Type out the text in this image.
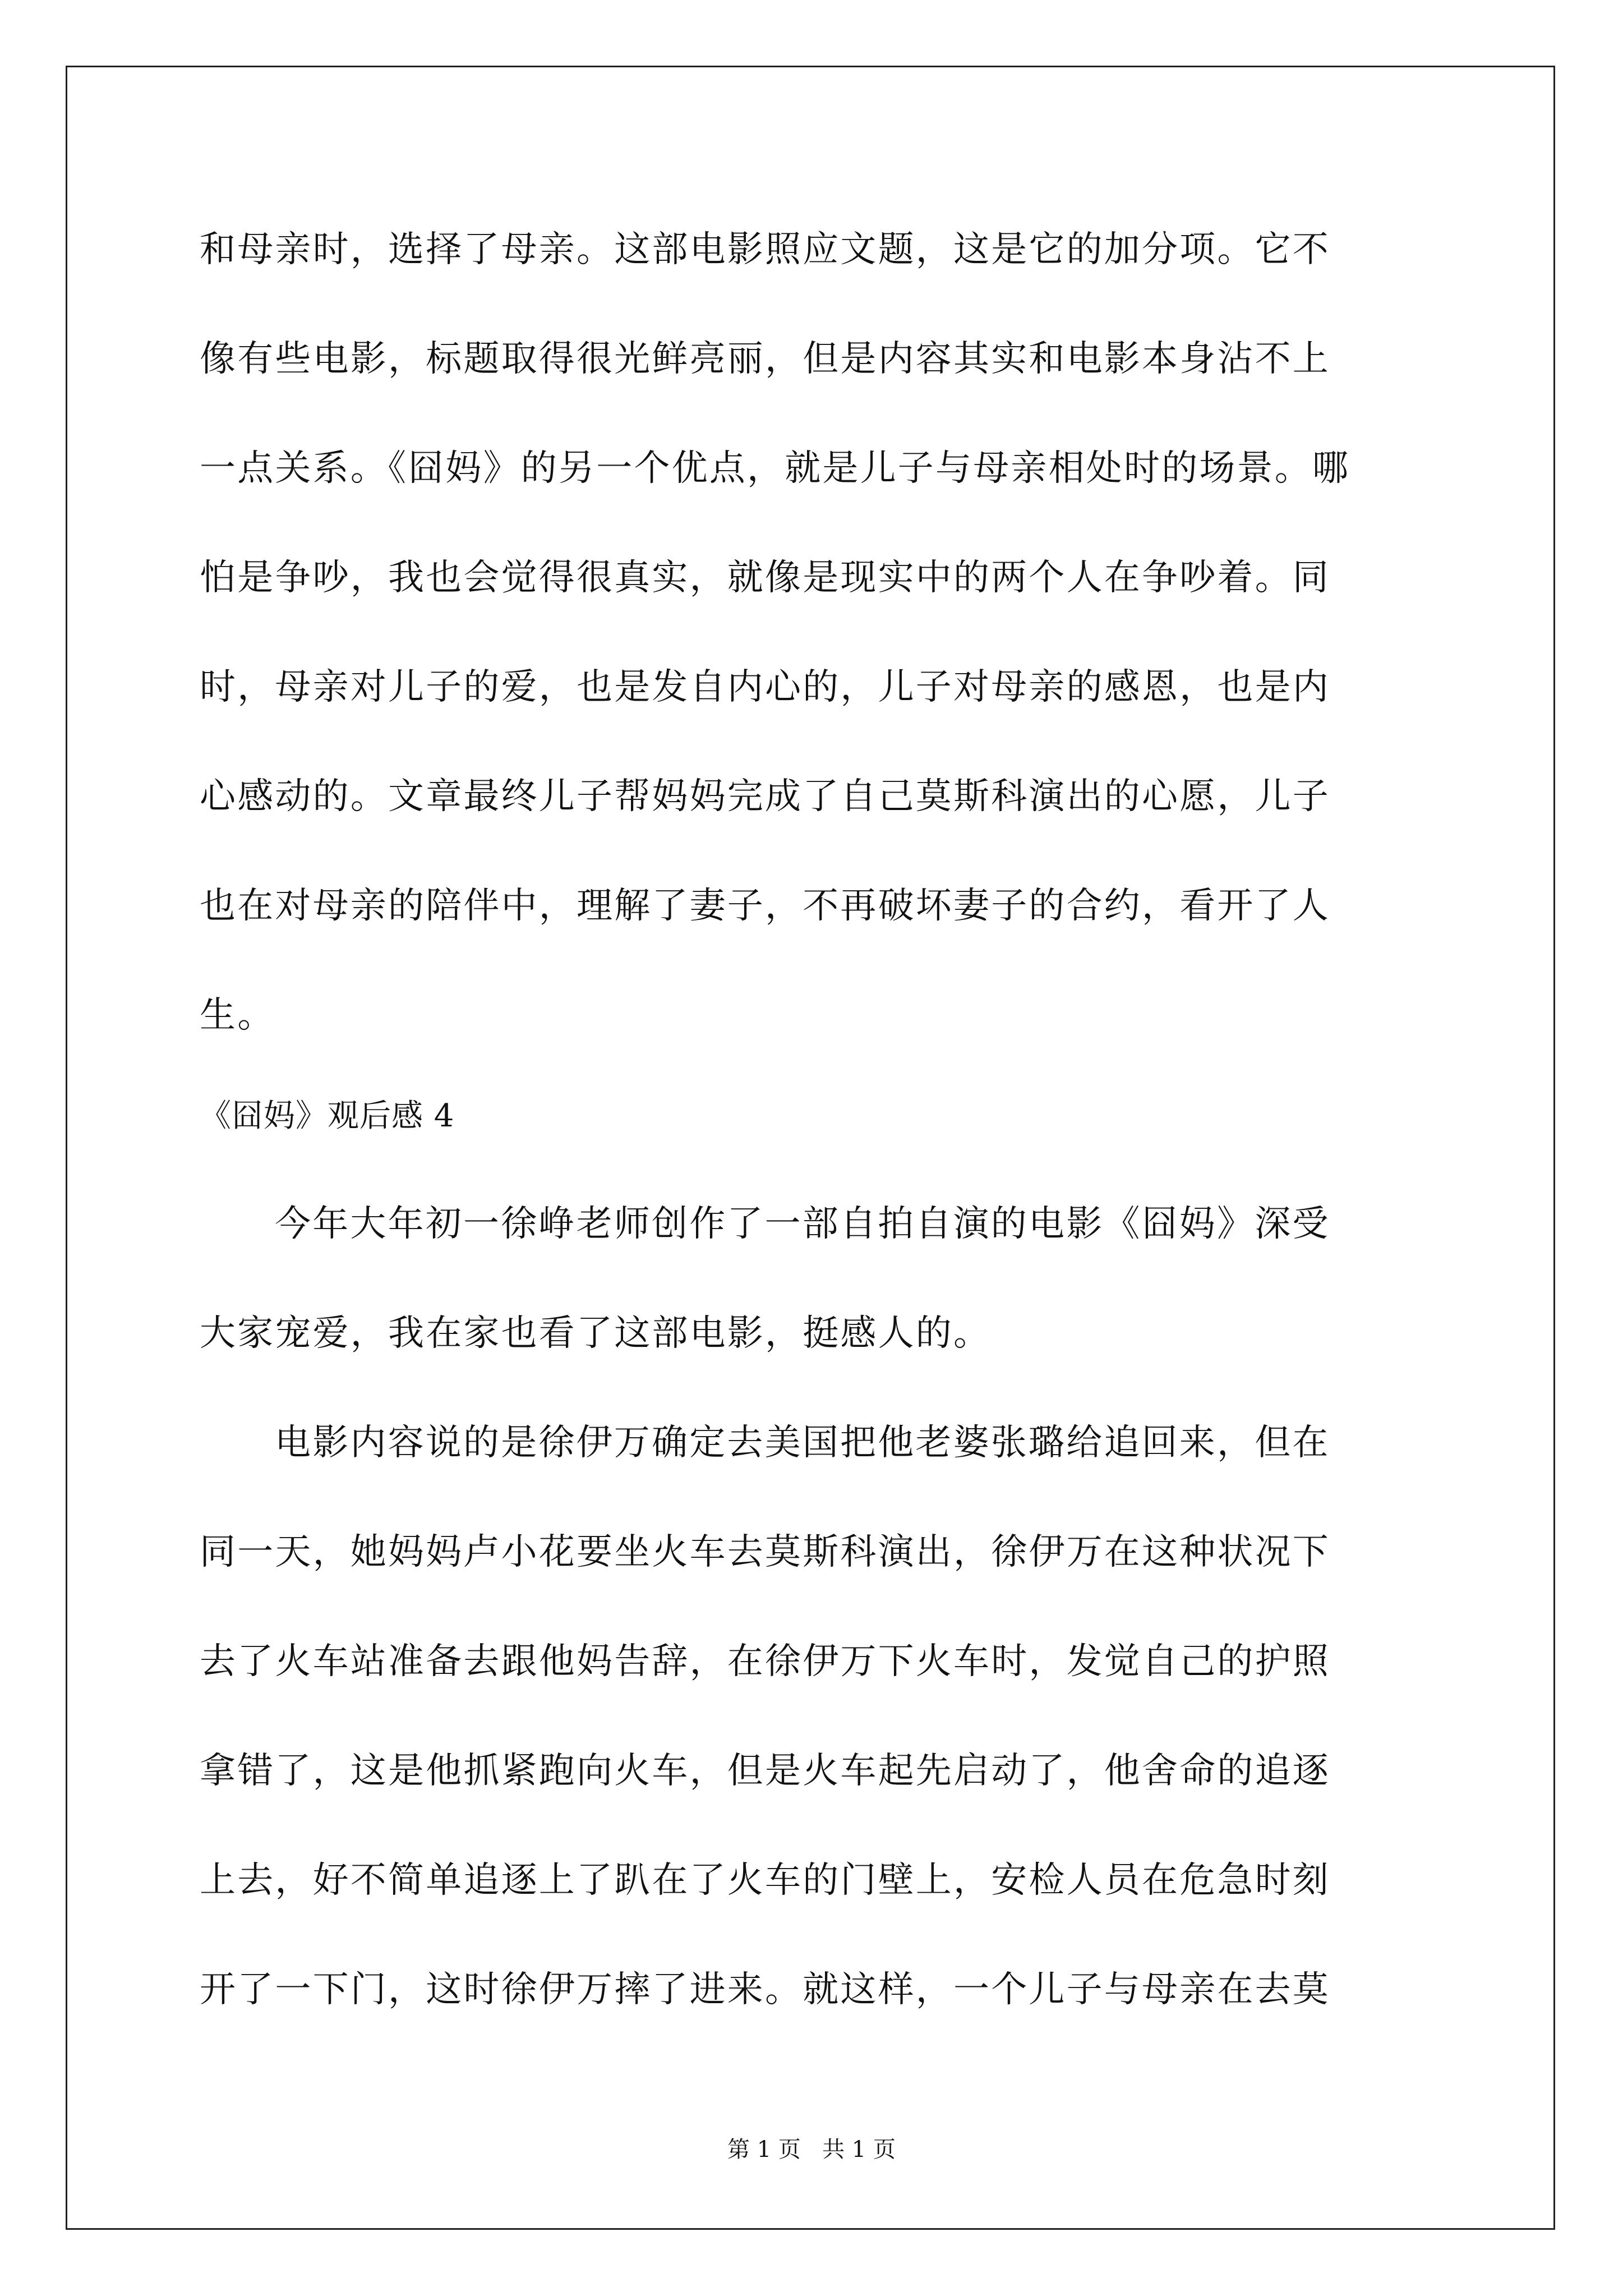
和母亲时，选择了母亲。这部电影照应文题，这是它的加分项。它不

像有些电影，标题取得很光鲜亮丽，但是内容其实和电影本身沾不上

一点关系。《囧妈》的另一个优点，就是儿子与母亲相处时的场景。哪

怕是争吵，我也会觉得很真实，就像是现实中的两个人在争吵着。同

时，母亲对儿子的爱，也是发自内心的，儿子对母亲的感恩，也是内

心感动的。文章最终儿子帮妈妈完成了自己莫斯科演出的心愿，儿子

也在对母亲的陪伴中，理解了妻子，不再破坏妻子的合约，看开了人

生。

《囧妈》观后感 4

今年大年初一徐峥老师创作了一部自拍自演的电影《囧妈》深受

大家宠爱，我在家也看了这部电影，挺感人的。

电影内容说的是徐伊万确定去美国把他老婆张璐给追回来，但在

同一天，她妈妈卢小花要坐火车去莫斯科演出，徐伊万在这种状况下

去了火车站准备去跟他妈告辞，在徐伊万下火车时，发觉自己的护照

拿错了，这是他抓紧跑向火车，但是火车起先启动了，他舍命的追逐

上去，好不简单追逐上了趴在了火车的门壁上，安检人员在危急时刻

开了一下门，这时徐伊万摔了进来。就这样，一个儿子与母亲在去莫

第 1 页   共 1 页
